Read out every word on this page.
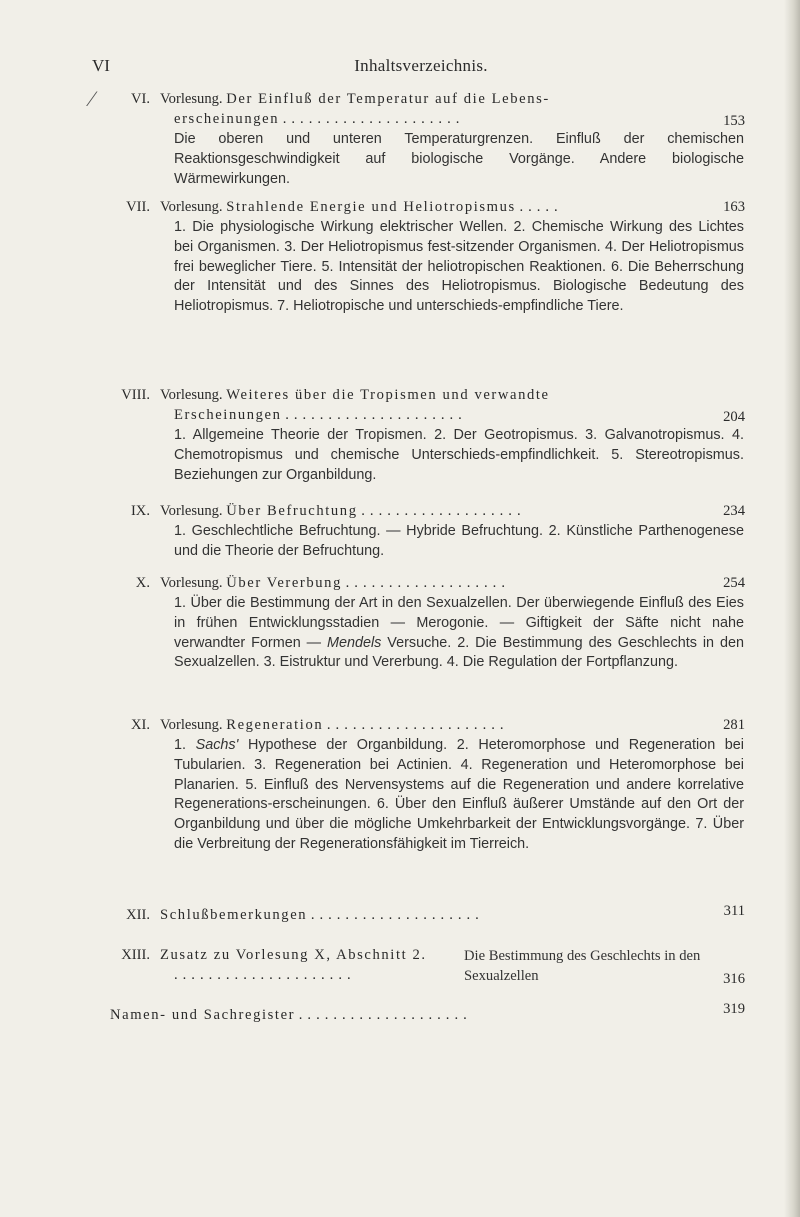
VI	Inhaltsverzeichnis.
⁄	VI. Vorlesung. Der Einfluß der Temperatur auf die Lebens-
erscheinungen .....................	153
Die oberen und unteren Temperaturgrenzen. Einfluß der chemischen Reaktionsgeschwindigkeit auf biologische Vorgänge. Andere biologische Wärmewirkungen.
VII. Vorlesung. Strahlende Energie und Heliotropismus .....	163
1. Die physiologische Wirkung elektrischer Wellen. 2. Chemische Wirkung des Lichtes bei Organismen. 3. Der Heliotropismus fest-sitzender Organismen. 4. Der Heliotropismus frei beweglicher Tiere. 5. Intensität der heliotropischen Reaktionen. 6. Die Beherrschung der Intensität und des Sinnes des Heliotropismus. Biologische Bedeutung des Heliotropismus. 7. Heliotropische und unterschieds-empfindliche Tiere.
VIII. Vorlesung. Weiteres über die Tropismen und verwandte
Erscheinungen .....................	204
1. Allgemeine Theorie der Tropismen. 2. Der Geotropismus. 3. Galvanotropismus. 4. Chemotropismus und chemische Unterschieds-empfindlichkeit. 5. Stereotropismus. Beziehungen zur Organbildung.
IX. Vorlesung. Über Befruchtung ...................	234
1. Geschlechtliche Befruchtung. — Hybride Befruchtung. 2. Künstliche Parthenogenese und die Theorie der Befruchtung.
X. Vorlesung. Über Vererbung ...................	254
1. Über die Bestimmung der Art in den Sexualzellen. Der überwiegende Einfluß des Eies in frühen Entwicklungsstadien — Merogonie. — Giftigkeit der Säfte nicht nahe verwandter Formen — Mendels Versuche. 2. Die Bestimmung des Geschlechts in den Sexualzellen. 3. Eistruktur und Vererbung. 4. Die Regulation der Fortpflanzung.
XI. Vorlesung. Regeneration .....................	281
1. Sachs' Hypothese der Organbildung. 2. Heteromorphose und Regeneration bei Tubularien. 3. Regeneration bei Actinien. 4. Regeneration und Heteromorphose bei Planarien. 5. Einfluß des Nervensystems auf die Regeneration und andere korrelative Regenerations-erscheinungen. 6. Über den Einfluß äußerer Umstände auf den Ort der Organbildung und über die mögliche Umkehrbarkeit der Entwicklungsvorgänge. 7. Über die Verbreitung der Regenerationsfähigkeit im Tierreich.
XII. Schlußbemerkungen ....................	311
XIII. Zusatz zu Vorlesung X, Abschnitt 2.	Die Bestimmung des Geschlechts in den Sexualzellen
.....................	316
Namen- und Sachregister ....................	319
